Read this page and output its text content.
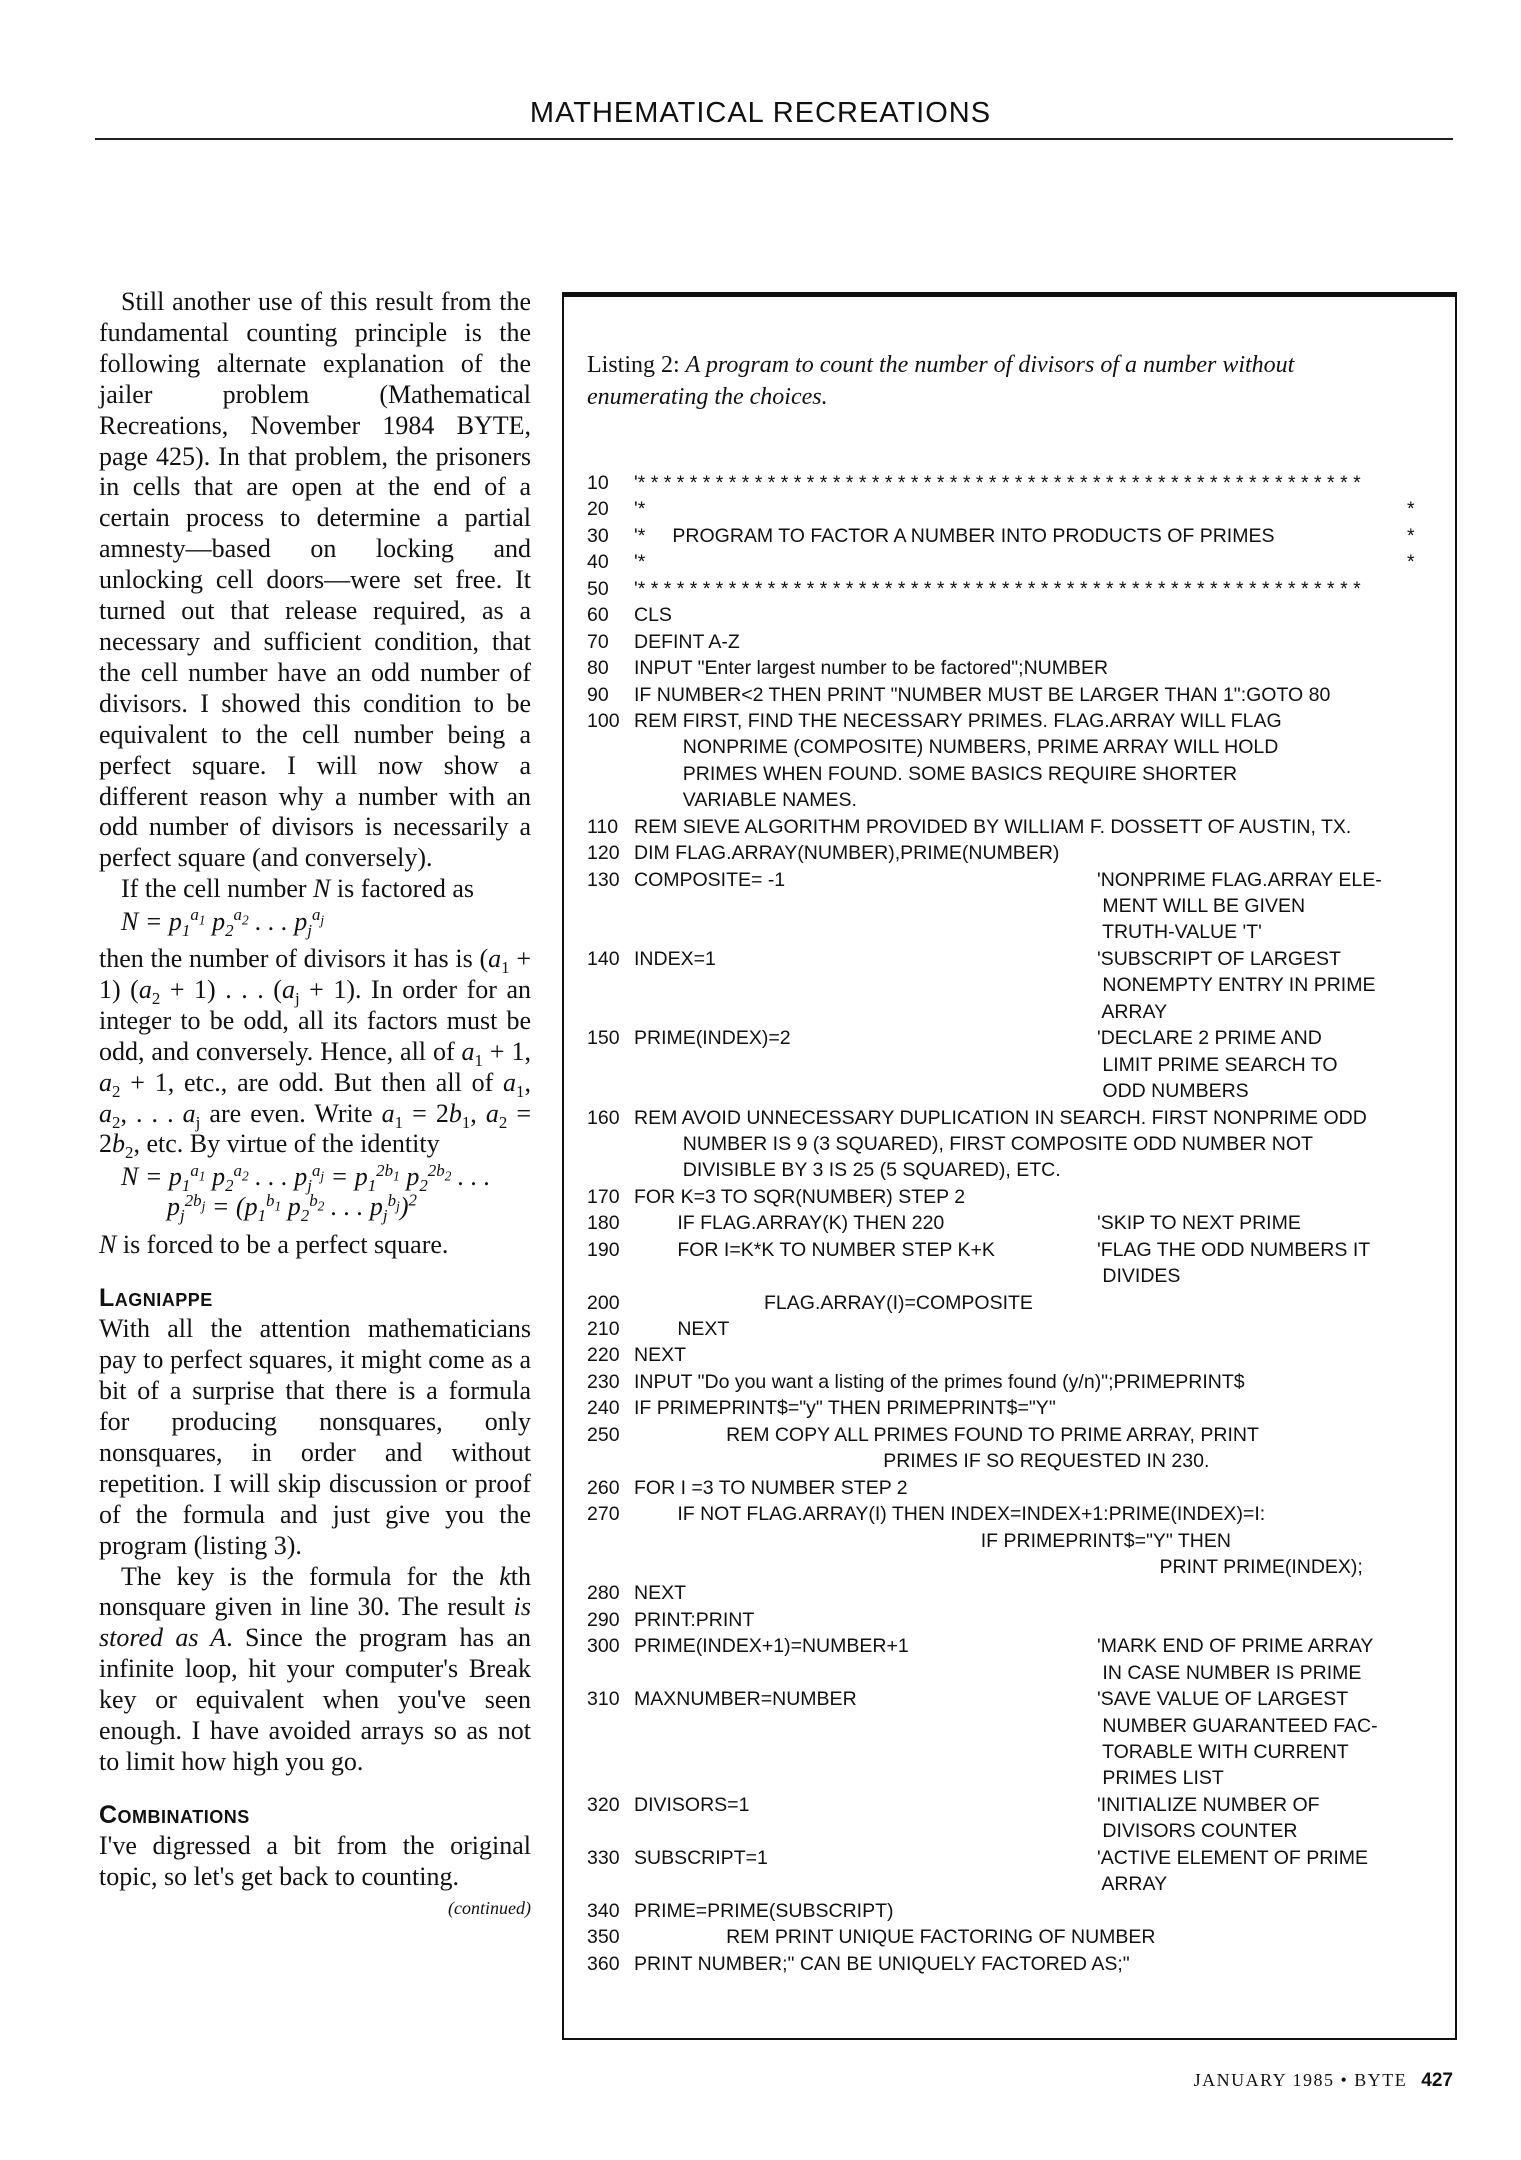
MATHEMATICAL RECREATIONS

Still another use of this result from the fundamental counting principle is the following alternate explanation of the jailer problem (Mathematical Recreations, November 1984 BYTE, page 425). In that problem, the prisoners in cells that are open at the end of a certain process to determine a partial amnesty—based on locking and unlocking cell doors—were set free. It turned out that release required, as a necessary and sufficient condition, that the cell number have an odd number of divisors. I showed this condition to be equivalent to the cell number being a perfect square. I will now show a different reason why a number with an odd number of divisors is necessarily a perfect square (and conversely).

If the cell number N is factored as

$N = p_1^{a_1}$ $p_2^{a_2}$ . . . $p_j^{a_j}$

then the number of divisors it has is $(a_1 + 1) (a_2 + 1)$ . . . $(a_j + 1)$. In order for an integer to be odd, all its factors must be odd, and conversely. Hence, all of $a_1 + 1$, $a_2 + 1$, etc., are odd. But then all of $a_1$, $a_2$, . . . $a_j$ are even. Write $a_1 = 2b_1$, $a_2 = 2b_2$, etc. By virtue of the identity

$N = p_1^{a_1}$ $p_2^{a_2}$ . . . $p_j^{a_j} = p_1^{2b_1}$ $p_2^{2b_2}$ . . .
$p_j^{2b_j} = (p_1^{b_1}$ $p_2^{b_2}$ . . . $p_j^{b_j})^2$

N is forced to be a perfect square.

Lagniappe

With all the attention mathematicians pay to perfect squares, it might come as a bit of a surprise that there is a formula for producing nonsquares, only nonsquares, in order and without repetition. I will skip discussion or proof of the formula and just give you the program (listing 3).

The key is the formula for the kth nonsquare given in line 30. The result is stored as A. Since the program has an infinite loop, hit your computer's Break key or equivalent when you've seen enough. I have avoided arrays so as not to limit how high you go.

Combinations

I've digressed a bit from the original topic, so let's get back to counting.

(continued)
Listing 2: A program to count the number of divisors of a number without enumerating the choices.
10 '* * * * * * * * * * * * * * * * * * * * * * * * * * * * * * * * * * * * * * * * * * * * * * * * * * * * * * * *
20 '*	*
30 '*     PROGRAM TO FACTOR A NUMBER INTO PRODUCTS OF PRIMES	*
40 '*	*
50 '* * * * * * * * * * * * * * * * * * * * * * * * * * * * * * * * * * * * * * * * * * * * * * * * * * * * * * * *
60 CLS
70 DEFINT A-Z
80 INPUT "Enter largest number to be factored";NUMBER
90 IF NUMBER<2 THEN PRINT "NUMBER MUST BE LARGER THAN 1":GOTO 80
100 REM FIRST, FIND THE NECESSARY PRIMES. FLAG.ARRAY WILL FLAG
NONPRIME (COMPOSITE) NUMBERS, PRIME ARRAY WILL HOLD
PRIMES WHEN FOUND. SOME BASICS REQUIRE SHORTER
VARIABLE NAMES.
110 REM SIEVE ALGORITHM PROVIDED BY WILLIAM F. DOSSETT OF AUSTIN, TX.
120 DIM FLAG.ARRAY(NUMBER),PRIME(NUMBER)
130 COMPOSITE= -1	'NONPRIME FLAG.ARRAY ELE-
MENT WILL BE GIVEN
TRUTH-VALUE 'T'
140 INDEX=1	'SUBSCRIPT OF LARGEST
NONEMPTY ENTRY IN PRIME
ARRAY
150 PRIME(INDEX)=2	'DECLARE 2 PRIME AND
LIMIT PRIME SEARCH TO
ODD NUMBERS
160 REM AVOID UNNECESSARY DUPLICATION IN SEARCH. FIRST NONPRIME ODD
NUMBER IS 9 (3 SQUARED), FIRST COMPOSITE ODD NUMBER NOT
DIVISIBLE BY 3 IS 25 (5 SQUARED), ETC.
170 FOR K=3 TO SQR(NUMBER) STEP 2
180 IF FLAG.ARRAY(K) THEN 220	'SKIP TO NEXT PRIME
190 FOR I=K*K TO NUMBER STEP K+K	'FLAG THE ODD NUMBERS IT
DIVIDES
200 FLAG.ARRAY(I)=COMPOSITE
210 NEXT
220 NEXT
230 INPUT "Do you want a listing of the primes found (y/n)";PRIMEPRINT$
240 IF PRIMEPRINT$="y" THEN PRIMEPRINT$="Y"
250 REM COPY ALL PRIMES FOUND TO PRIME ARRAY, PRINT
PRIMES IF SO REQUESTED IN 230.
260 FOR I =3 TO NUMBER STEP 2
270 IF NOT FLAG.ARRAY(I) THEN INDEX=INDEX+1:PRIME(INDEX)=I:
IF PRIMEPRINT$="Y" THEN
PRINT PRIME(INDEX);
280 NEXT
290 PRINT:PRINT
300 PRIME(INDEX+1)=NUMBER+1	'MARK END OF PRIME ARRAY
IN CASE NUMBER IS PRIME
310 MAXNUMBER=NUMBER	'SAVE VALUE OF LARGEST
NUMBER GUARANTEED FAC-
TORABLE WITH CURRENT
PRIMES LIST
320 DIVISORS=1	'INITIALIZE NUMBER OF
DIVISORS COUNTER
330 SUBSCRIPT=1	'ACTIVE ELEMENT OF PRIME
ARRAY
340 PRIME=PRIME(SUBSCRIPT)
350 REM PRINT UNIQUE FACTORING OF NUMBER
360 PRINT NUMBER;" CAN BE UNIQUELY FACTORED AS;"
JANUARY 1985 • BYTE 427
